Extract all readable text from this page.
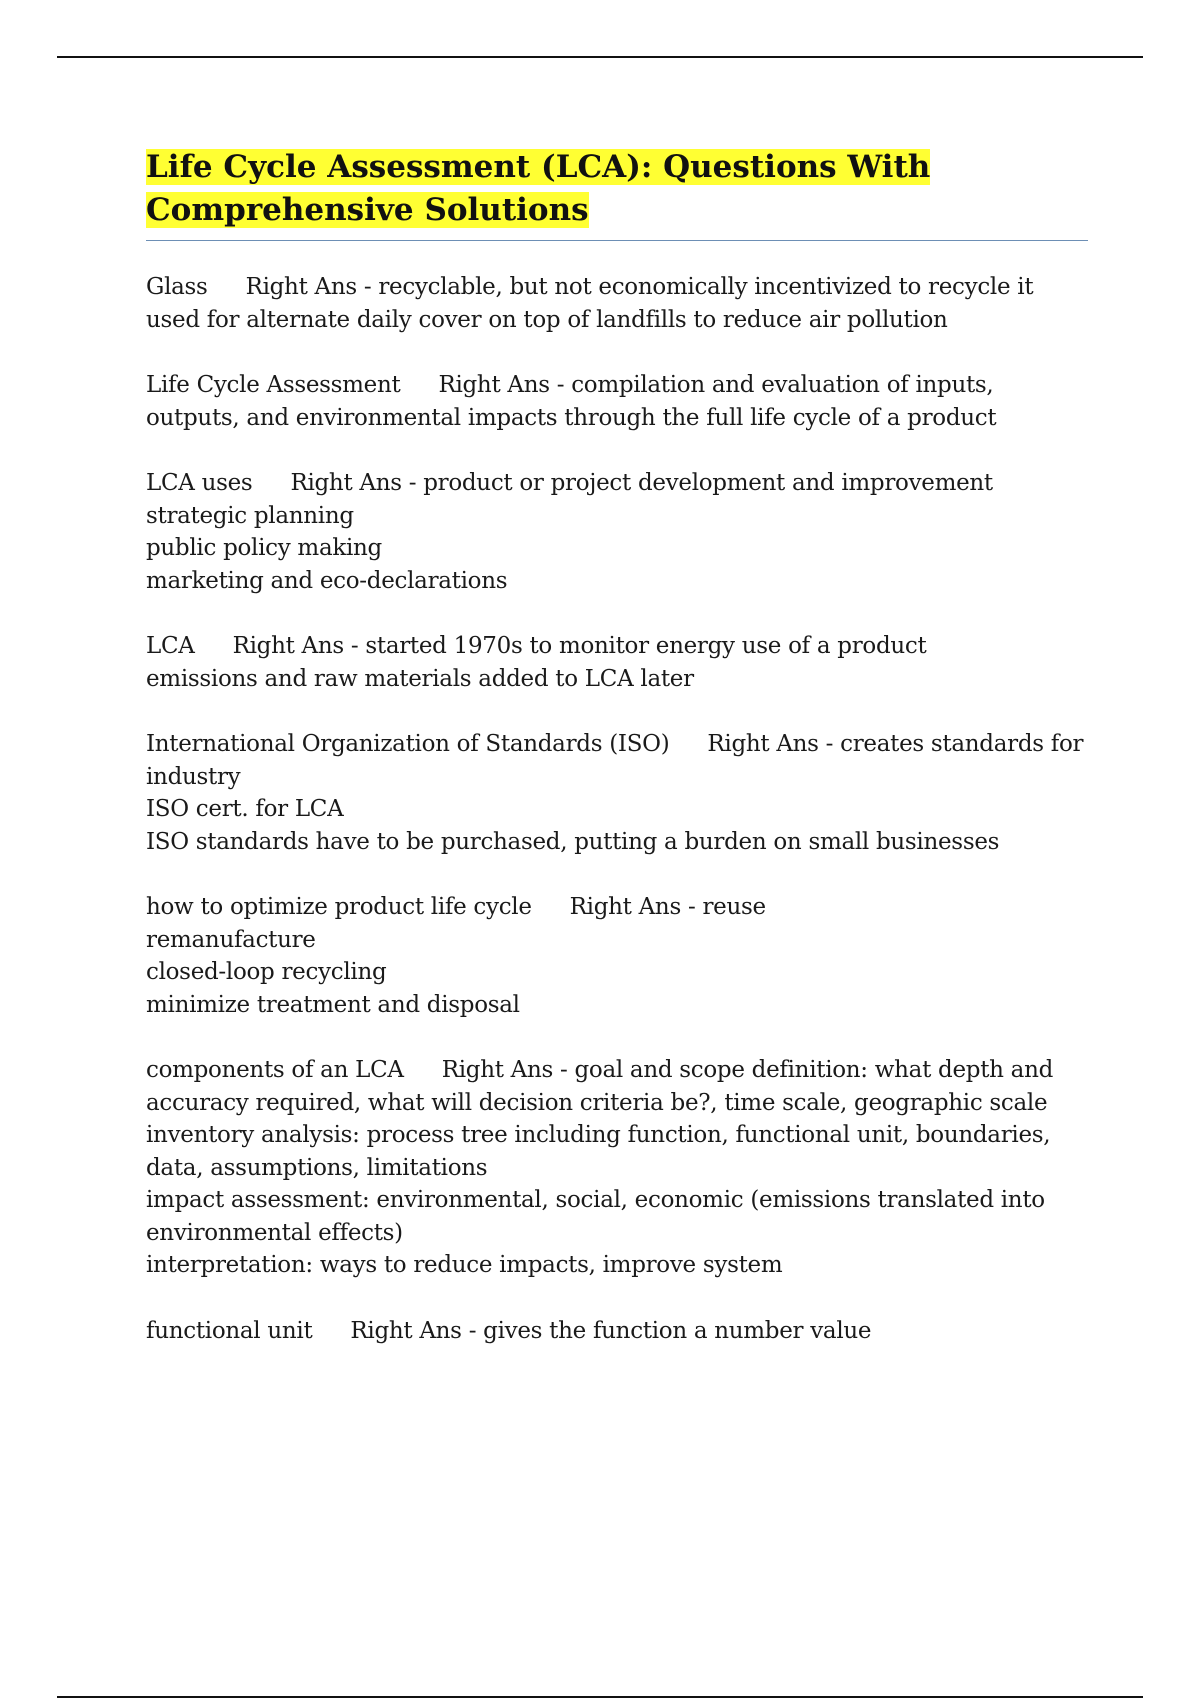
Life Cycle Assessment (LCA): Questions With Comprehensive Solutions

Glass Right Ans - recyclable, but not economically incentivized to recycle it used for alternate daily cover on top of landfills to reduce air pollution

Life Cycle Assessment Right Ans - compilation and evaluation of inputs, outputs, and environmental impacts through the full life cycle of a product

LCA uses Right Ans - product or project development and improvement
strategic planning
public policy making
marketing and eco-declarations

LCA Right Ans - started 1970s to monitor energy use of a product
emissions and raw materials added to LCA later

International Organization of Standards (ISO) Right Ans - creates standards for industry
ISO cert. for LCA
ISO standards have to be purchased, putting a burden on small businesses

how to optimize product life cycle Right Ans - reuse
remanufacture
closed-loop recycling
minimize treatment and disposal

components of an LCA Right Ans - goal and scope definition: what depth and accuracy required, what will decision criteria be?, time scale, geographic scale
inventory analysis: process tree including function, functional unit, boundaries, data, assumptions, limitations
impact assessment: environmental, social, economic (emissions translated into environmental effects)
interpretation: ways to reduce impacts, improve system

functional unit Right Ans - gives the function a number value
